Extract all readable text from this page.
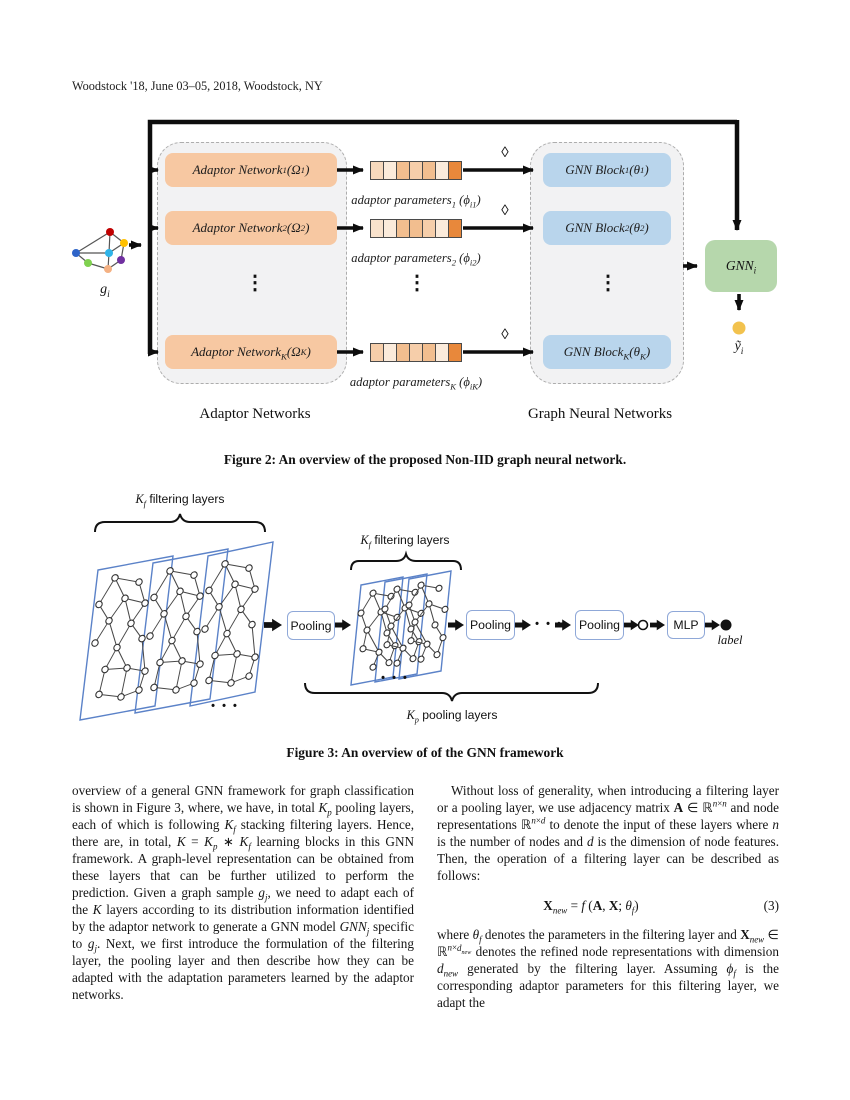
Woodstock '18, June 03–05, 2018, Woodstock, NY
Adaptor Network 1 (Ω 1 )
adaptor parameters$_1$ $(\phi_{i1})$
◊
GNN Block 1 ( θ 1 )
Adaptor Network 2 (Ω 2 )
adaptor parameters$_2$ $(\phi_{i2})$
◊
GNN Block 2 ( θ 2 )
⋮	⋮	⋮
Adaptor Network$_K$ (Ω K )
adaptor parameters$_K$ $(\phi_{iK})$
◊
GNN Block$_K$ ( $\theta_K$ )
$GNN_i$
ỹ$_i$
$g_i$
Adaptor Networks	Graph Neural Networks
Figure 2: An overview of the proposed Non-IID graph neural network.
$K_f$ filtering layers
$K_f$ filtering layers
$K_p$ pooling layers
Pooling	Pooling	Pooling	MLP
• • •
• • •
• • •
label
Figure 3: An overview of of the GNN framework
overview of a general GNN framework for graph classification is shown in Figure 3, where, we have, in total $K_p$ pooling layers, each of which is following $K_f$ stacking filtering layers. Hence, there are, in total, $K = K_p$ ∗ $K_f$ learning blocks in this GNN framework. A graph-level representation can be obtained from these layers that can be further utilized to perform the prediction. Given a graph sample $g_j$, we need to adapt each of the K layers according to its distribution information identified by the adaptor network to generate a GNN model $GNN_j$ specific to $g_j$. Next, we first introduce the formulation of the filtering layer, the pooling layer and then describe how they can be adapted with the adaptation parameters learned by the adaptor networks.
Without loss of generality, when introducing a filtering layer or a pooling layer, we use adjacency matrix A ∈ ℝ$^{n\times n}$ and node representations ℝ$^{n\times d}$ to denote the input of these layers where n is the number of nodes and d is the dimension of node features. Then, the operation of a filtering layer can be described as follows:
$X_{new} = f$ (A, X; $\theta_f$)	(3)
where $\theta_f$ denotes the parameters in the filtering layer and $X_{new}$ ∈ ℝ$^{n\times d_{new}}$ denotes the refined node representations with dimension $d_{new}$ generated by the filtering layer. Assuming $\phi_f$ is the corresponding adaptor parameters for this filtering layer, we adapt the
